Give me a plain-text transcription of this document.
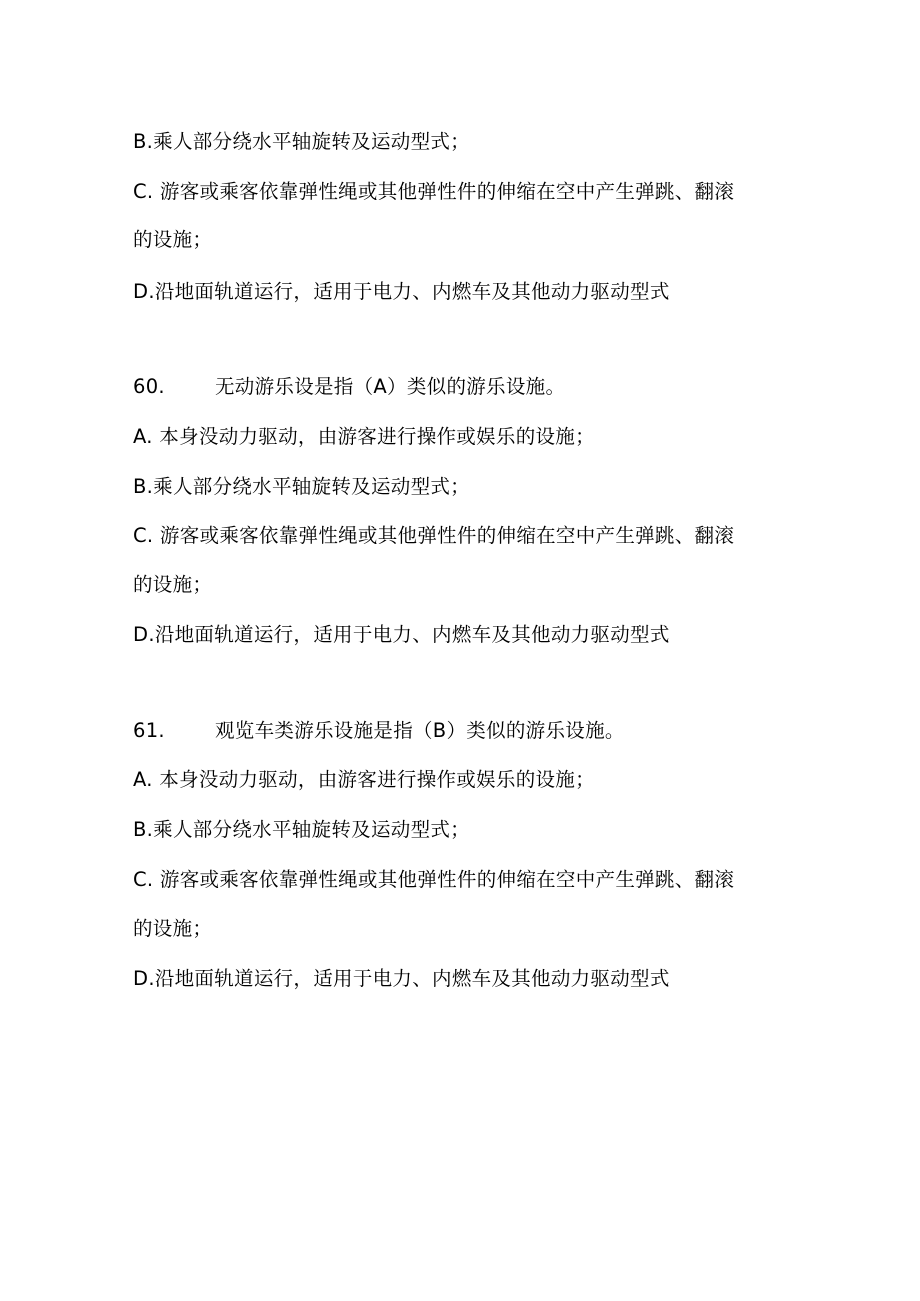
B.乘人部分绕水平轴旋转及运动型式；
C. 游客或乘客依靠弹性绳或其他弹性件的伸缩在空中产生弹跳、翻滚
的设施；
D.沿地面轨道运行，适用于电力、内燃车及其他动力驱动型式
60.	无动游乐设是指（A）类似的游乐设施。
A. 本身没动力驱动，由游客进行操作或娱乐的设施；
B.乘人部分绕水平轴旋转及运动型式；
C. 游客或乘客依靠弹性绳或其他弹性件的伸缩在空中产生弹跳、翻滚
的设施；
D.沿地面轨道运行，适用于电力、内燃车及其他动力驱动型式
61.	观览车类游乐设施是指（B）类似的游乐设施。
A. 本身没动力驱动，由游客进行操作或娱乐的设施；
B.乘人部分绕水平轴旋转及运动型式；
C. 游客或乘客依靠弹性绳或其他弹性件的伸缩在空中产生弹跳、翻滚
的设施；
D.沿地面轨道运行，适用于电力、内燃车及其他动力驱动型式
